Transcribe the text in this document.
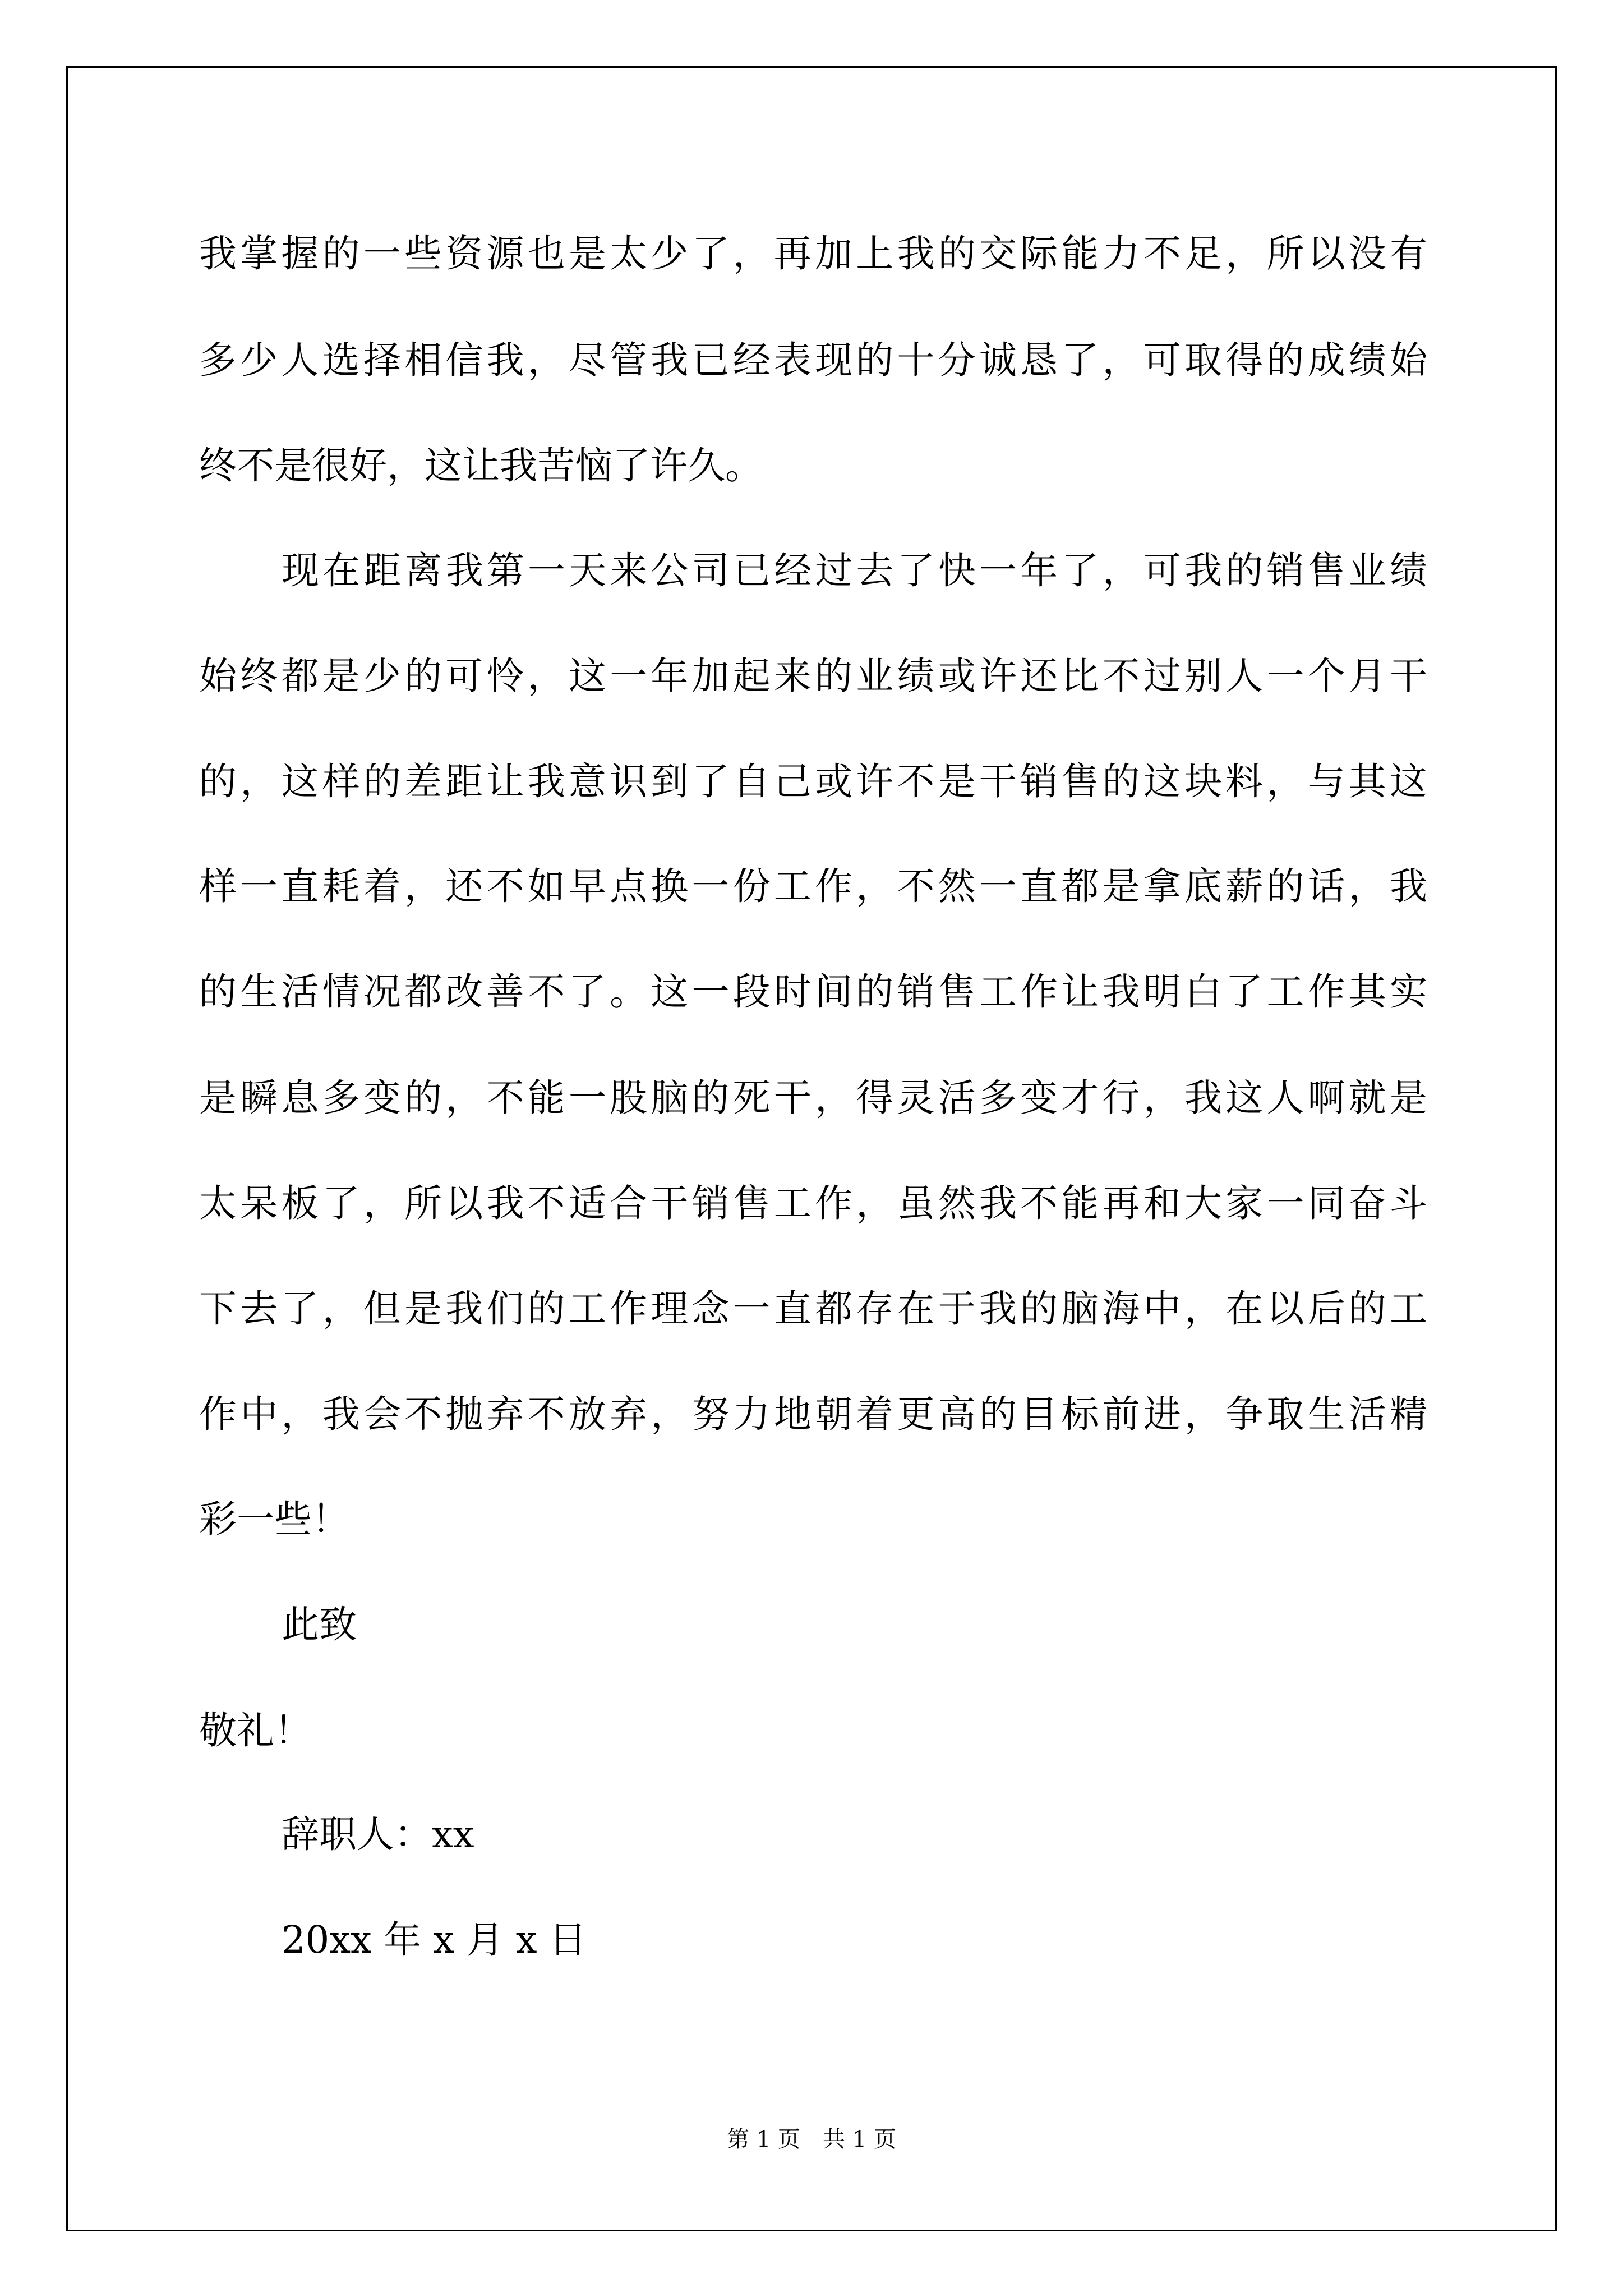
我掌握的一些资源也是太少了，再加上我的交际能力不足，所以没有
多少人选择相信我，尽管我已经表现的十分诚恳了，可取得的成绩始
终不是很好，这让我苦恼了许久。
现在距离我第一天来公司已经过去了快一年了，可我的销售业绩
始终都是少的可怜，这一年加起来的业绩或许还比不过别人一个月干
的，这样的差距让我意识到了自己或许不是干销售的这块料，与其这
样一直耗着，还不如早点换一份工作，不然一直都是拿底薪的话，我
的生活情况都改善不了。这一段时间的销售工作让我明白了工作其实
是瞬息多变的，不能一股脑的死干，得灵活多变才行，我这人啊就是
太呆板了，所以我不适合干销售工作，虽然我不能再和大家一同奋斗
下去了，但是我们的工作理念一直都存在于我的脑海中，在以后的工
作中，我会不抛弃不放弃，努力地朝着更高的目标前进，争取生活精
彩一些！
此致
敬礼！
辞职人：xx
20xx 年 x 月 x 日
第 1 页　共 1 页
